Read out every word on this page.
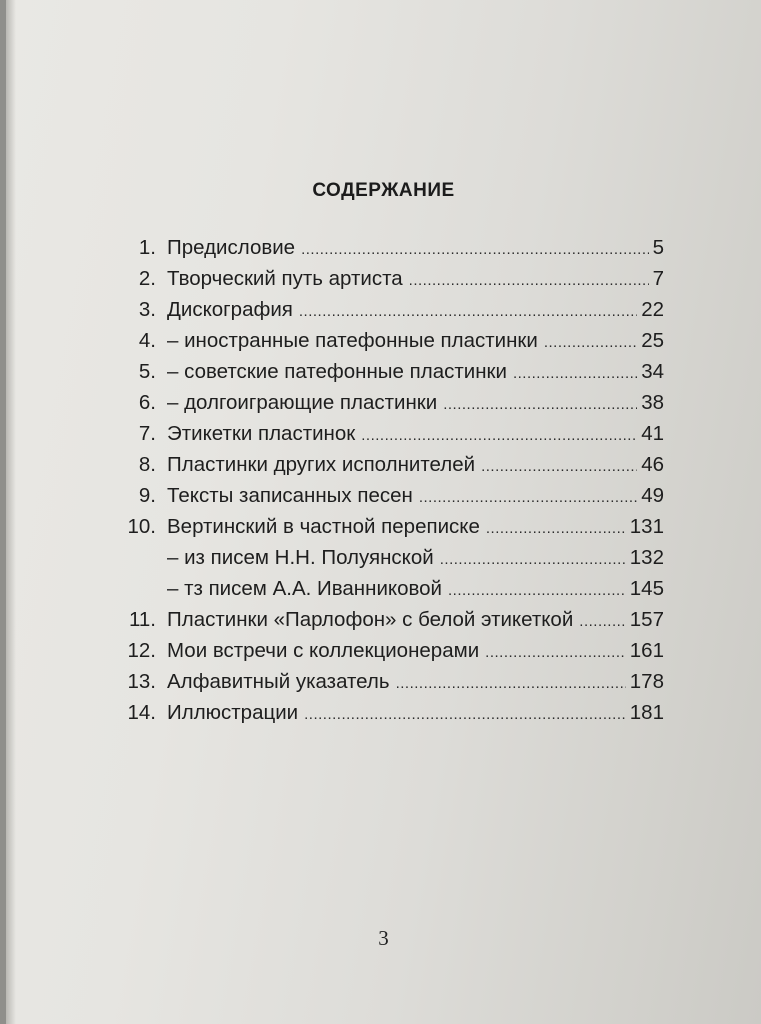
СОДЕРЖАНИЕ
1. Предисловие .....	5
2. Творческий путь артиста .....	7
3. Дискография .....	22
4. – иностранные патефонные пластинки .....	25
5. – советские патефонные пластинки .....	34
6. – долгоиграющие пластинки .....	38
7. Этикетки пластинок .....	41
8. Пластинки других исполнителей .....	46
9. Тексты записанных песен .....	49
10. Вертинский в частной переписке .....	131
– из писем Н.Н. Полуянской .....	132
– тз писем А.А. Иванниковой .....	145
11. Пластинки «Парлофон» с белой этикеткой .....	157
12. Мои встречи с коллекционерами .....	161
13. Алфавитный указатель .....	178
14. Иллюстрации .....	181
3
